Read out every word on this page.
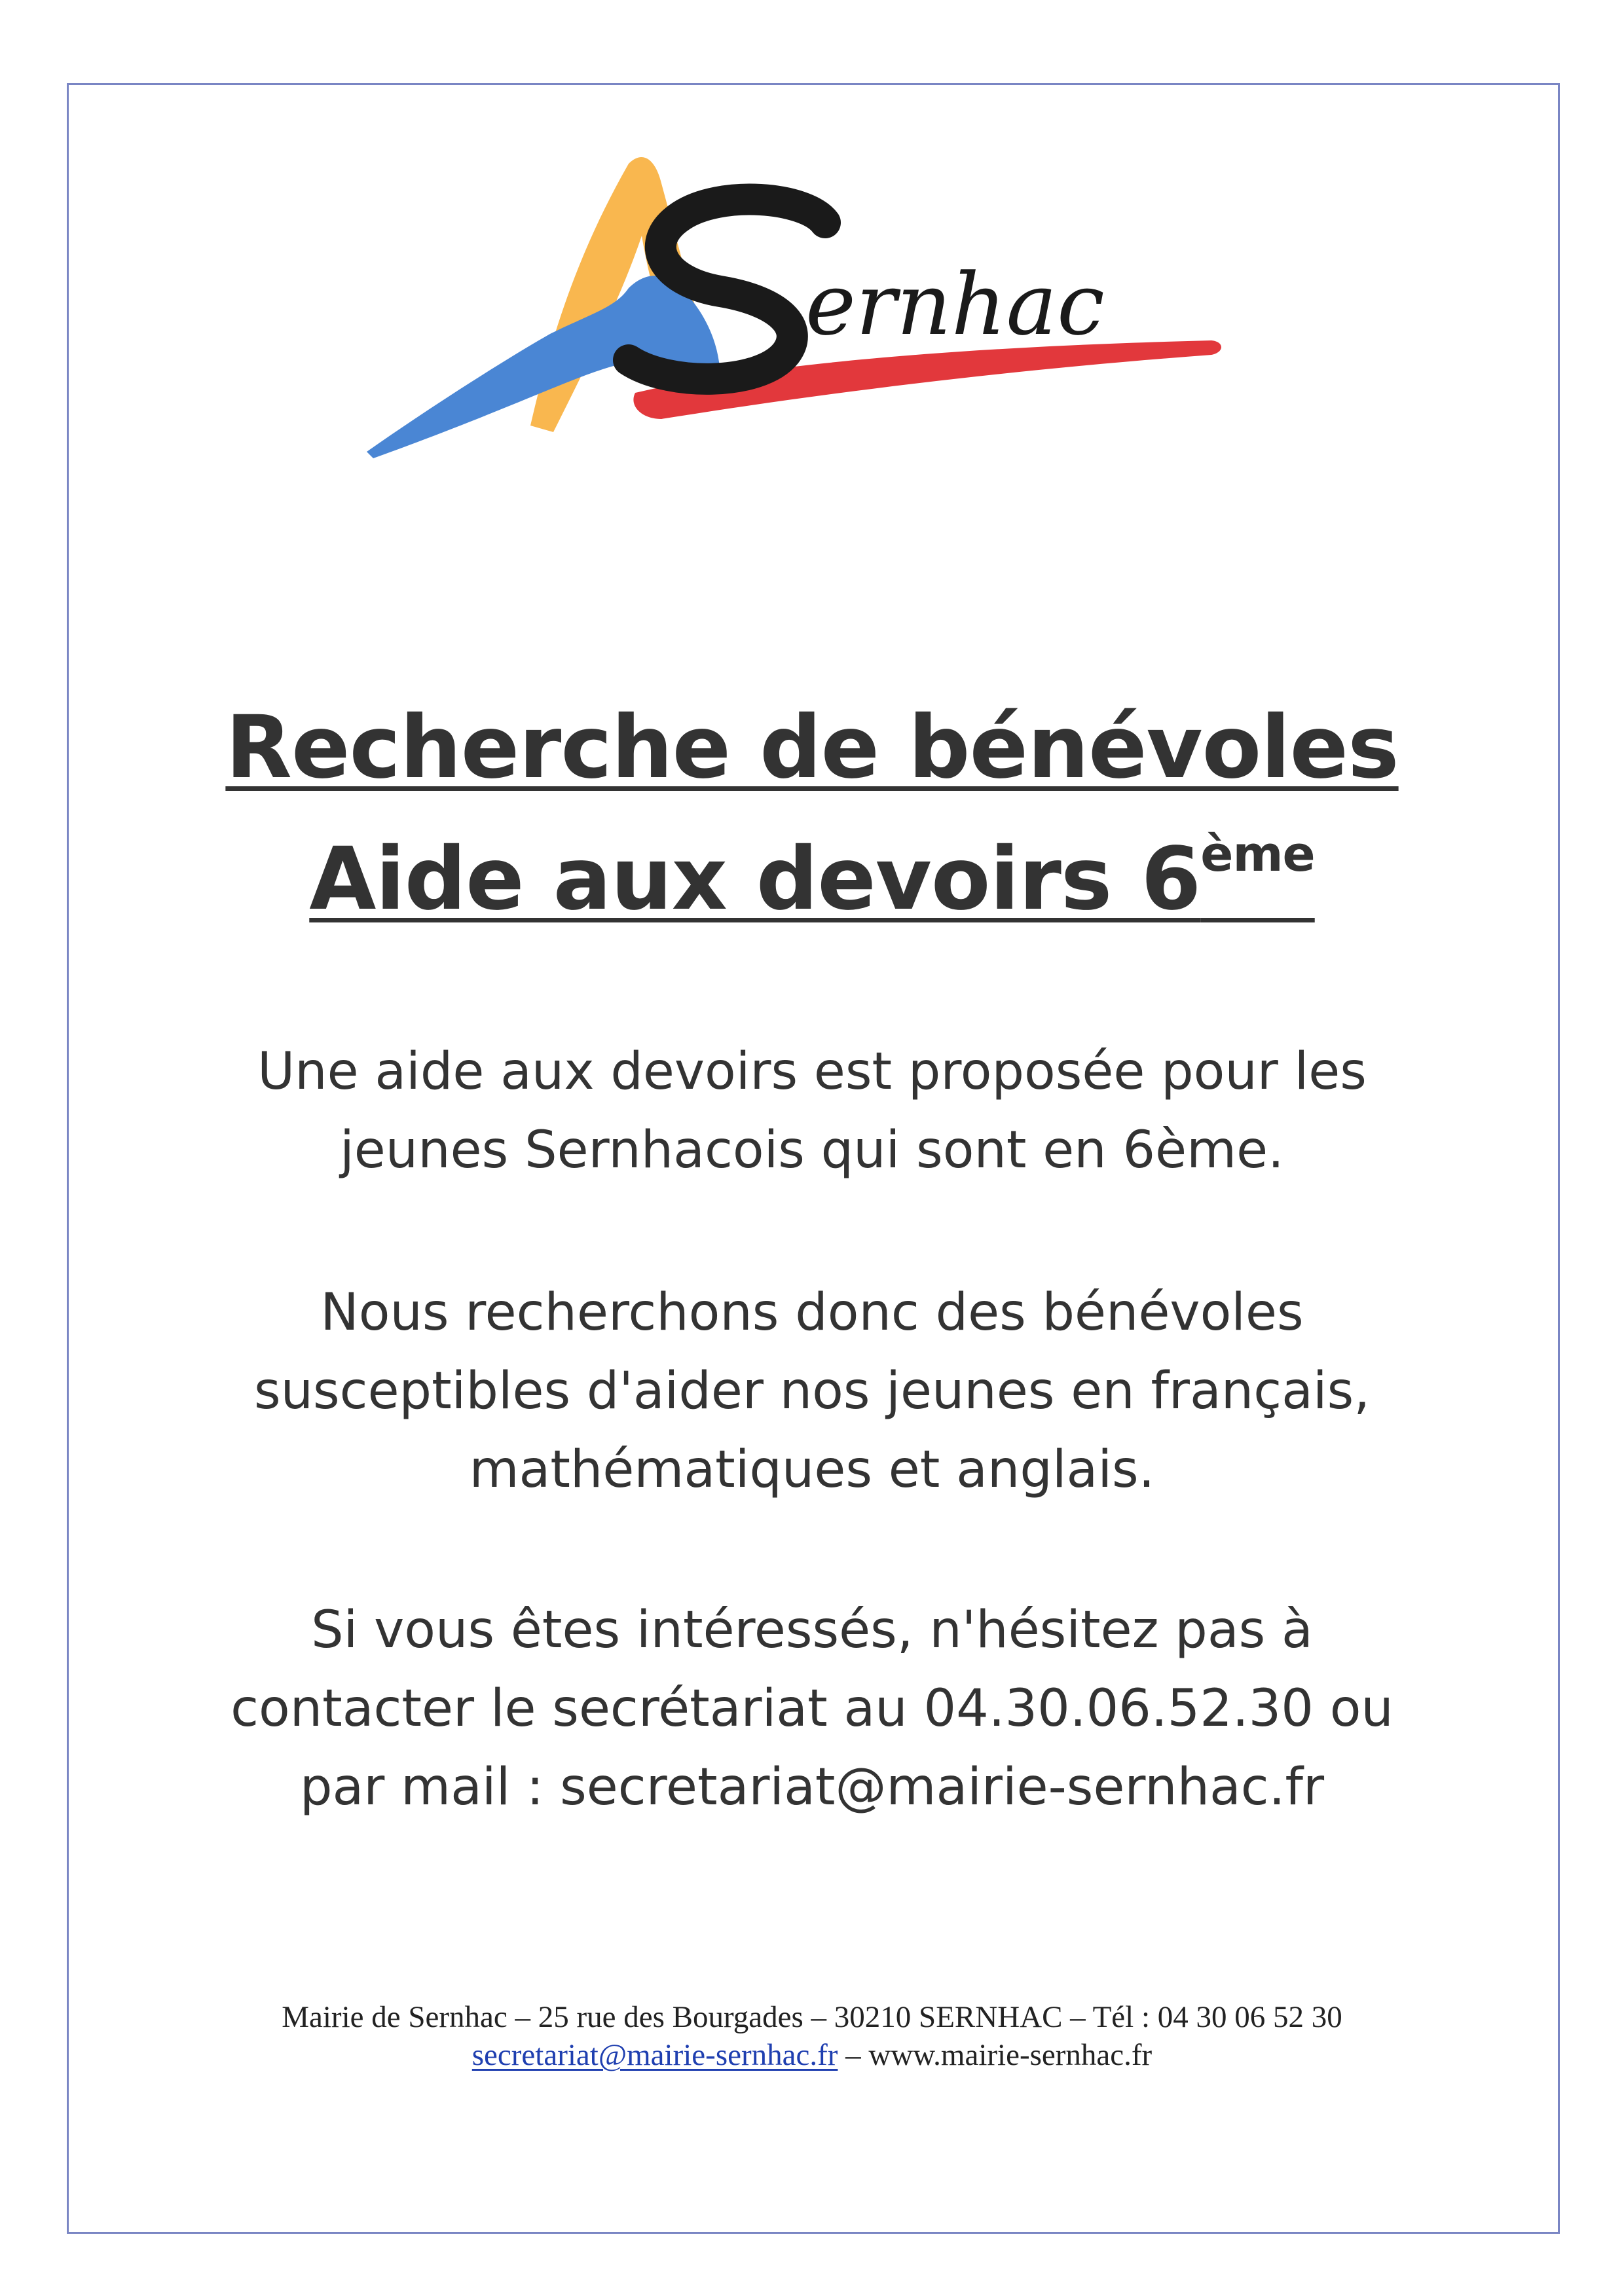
ernhac
Recherche de bénévoles
Aide aux devoirs 6ème
Une aide aux devoirs est proposée pour les
jeunes Sernhacois qui sont en 6ème.
Nous recherchons donc des bénévoles
susceptibles d'aider nos jeunes en français,
mathématiques et anglais.
Si vous êtes intéressés, n'hésitez pas à
contacter le secrétariat au 04.30.06.52.30 ou
par mail : secretariat@mairie-sernhac.fr
Mairie de Sernhac – 25 rue des Bourgades – 30210 SERNHAC – Tél : 04 30 06 52 30
secretariat@mairie-sernhac.fr – www.mairie-sernhac.fr
